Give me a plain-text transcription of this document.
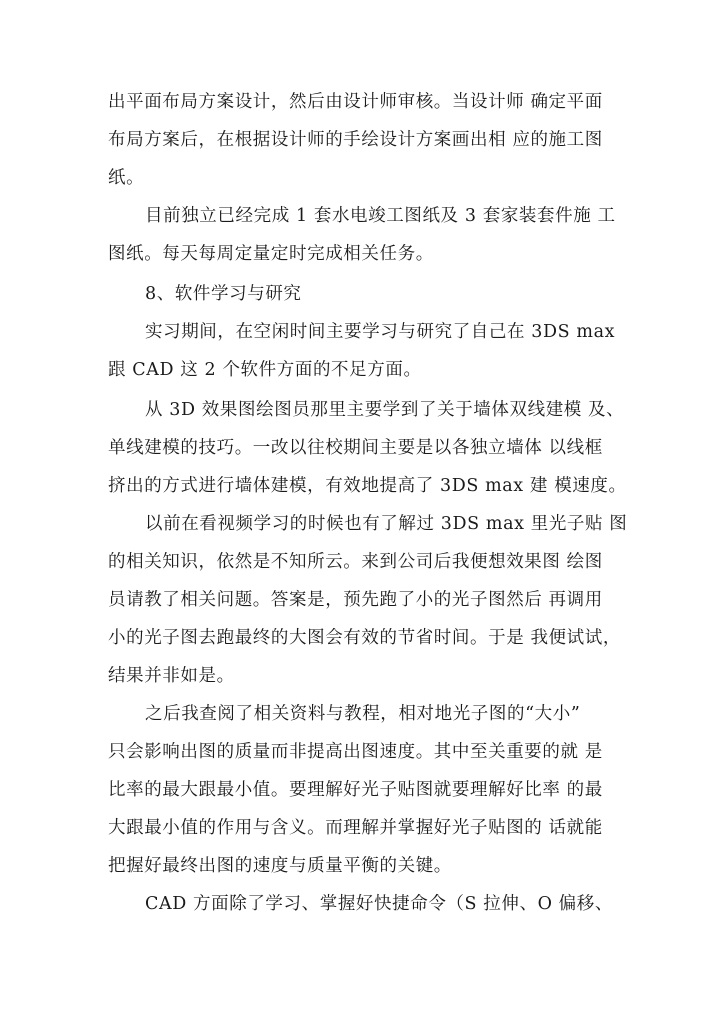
出平面布局方案设计，然后由设计师审核。当设计师 确定平面
布局方案后，在根据设计师的手绘设计方案画出相 应的施工图
纸。
目前独立已经完成 1 套水电竣工图纸及 3 套家装套件施 工
图纸。每天每周定量定时完成相关任务。
8、软件学习与研究
实习期间，在空闲时间主要学习与研究了自己在 3DS max
跟 CAD 这 2 个软件方面的不足方面。
从 3D 效果图绘图员那里主要学到了关于墙体双线建模 及、
单线建模的技巧。一改以往校期间主要是以各独立墙体 以线框
挤出的方式进行墙体建模，有效地提高了 3DS max 建 模速度。
以前在看视频学习的时候也有了解过 3DS max 里光子贴 图
的相关知识，依然是不知所云。来到公司后我便想效果图 绘图
员请教了相关问题。答案是，预先跑了小的光子图然后 再调用
小的光子图去跑最终的大图会有效的节省时间。于是 我便试试，
结果并非如是。
之后我查阅了相关资料与教程，相对地光子图的“大小”
只会影响出图的质量而非提高出图速度。其中至关重要的就 是
比率的最大跟最小值。要理解好光子贴图就要理解好比率 的最
大跟最小值的作用与含义。而理解并掌握好光子贴图的 话就能
把握好最终出图的速度与质量平衡的关键。
CAD 方面除了学习、掌握好快捷命令（S 拉伸、O 偏移、
